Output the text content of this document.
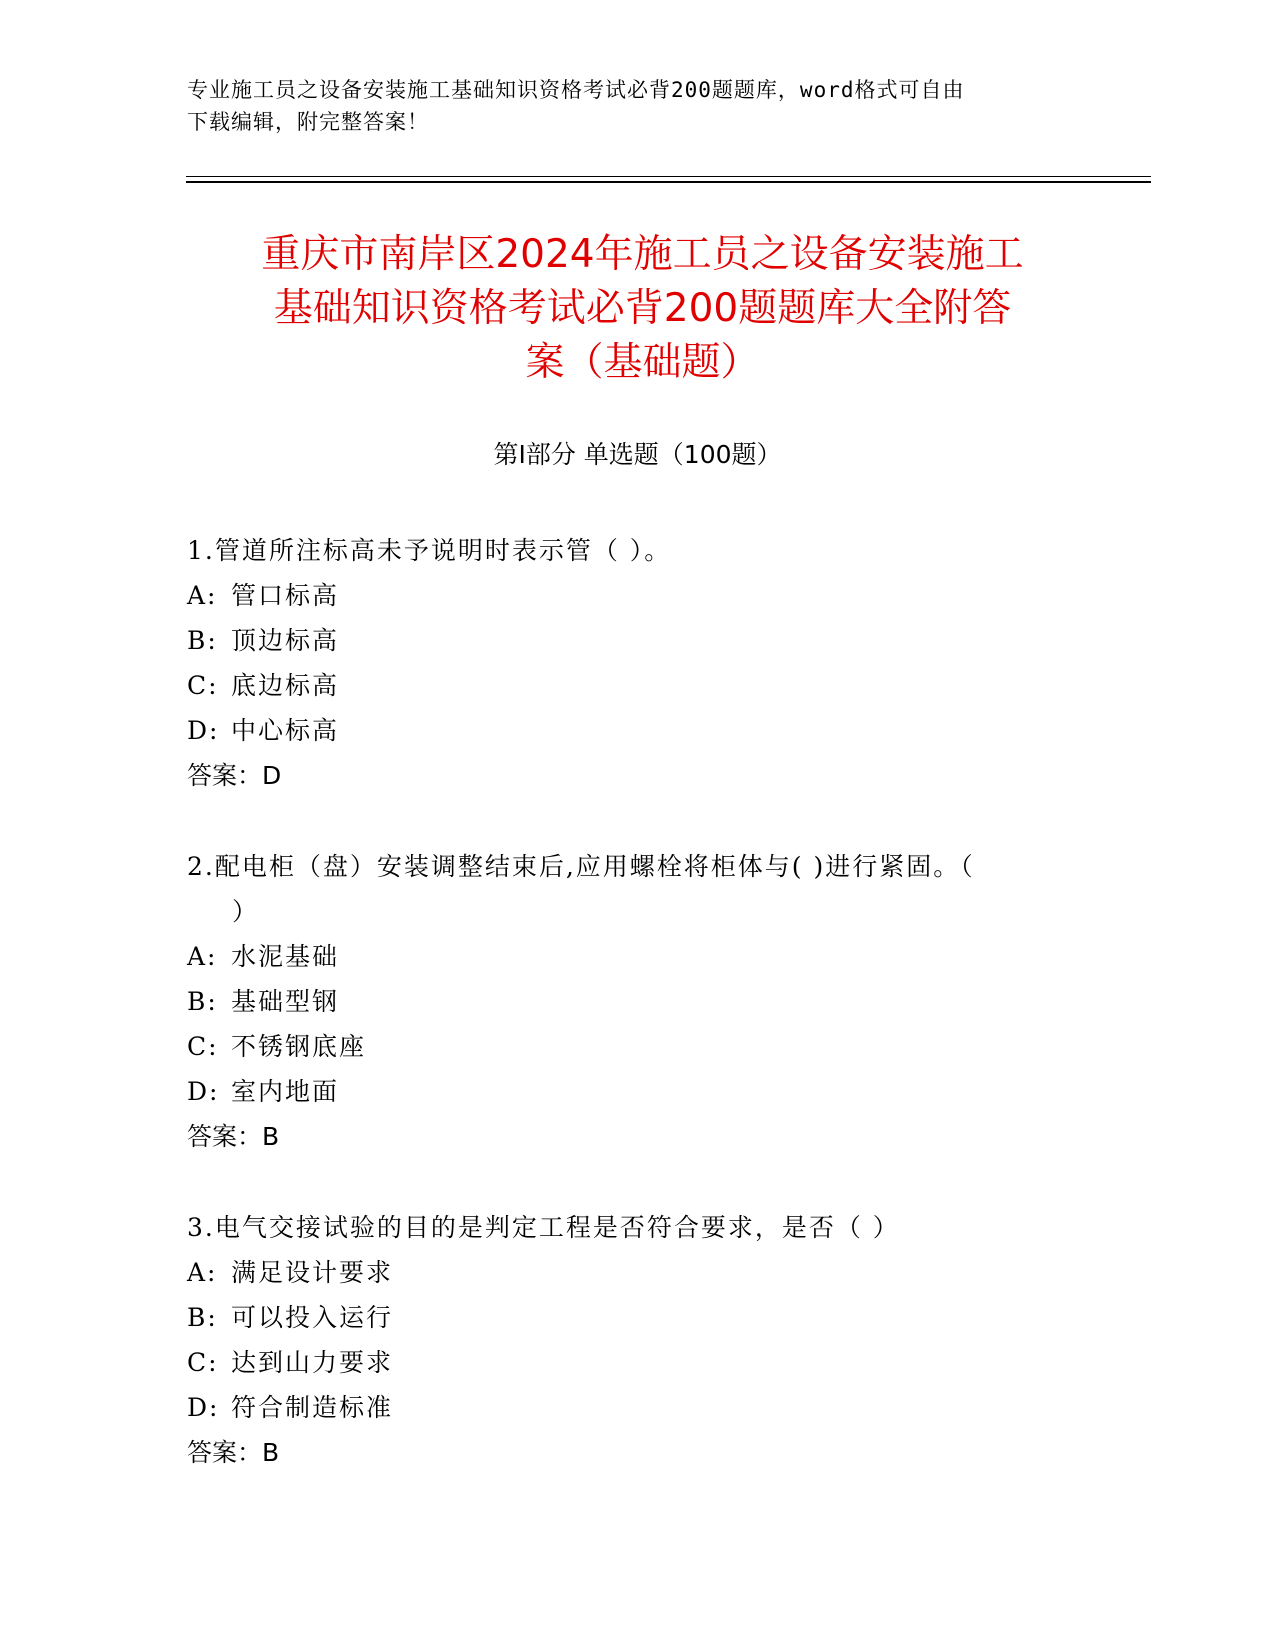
专业施工员之设备安装施工基础知识资格考试必背200题题库，word格式可自由
下载编辑，附完整答案！
重庆市南岸区2024年施工员之设备安装施工
基础知识资格考试必背200题题库大全附答
案（基础题）
第Ⅰ部分 单选题（100题）
1.管道所注标高未予说明时表示管（ ）。
A: 管口标高
B: 顶边标高
C: 底边标高
D: 中心标高
答案：D
2.配电柜（盘）安装调整结束后,应用螺栓将柜体与( )进行紧固。（
）
A: 水泥基础
B: 基础型钢
C: 不锈钢底座
D: 室内地面
答案：B
3.电气交接试验的目的是判定工程是否符合要求，是否（ ）
A: 满足设计要求
B: 可以投入运行
C: 达到山力要求
D: 符合制造标准
答案：B
